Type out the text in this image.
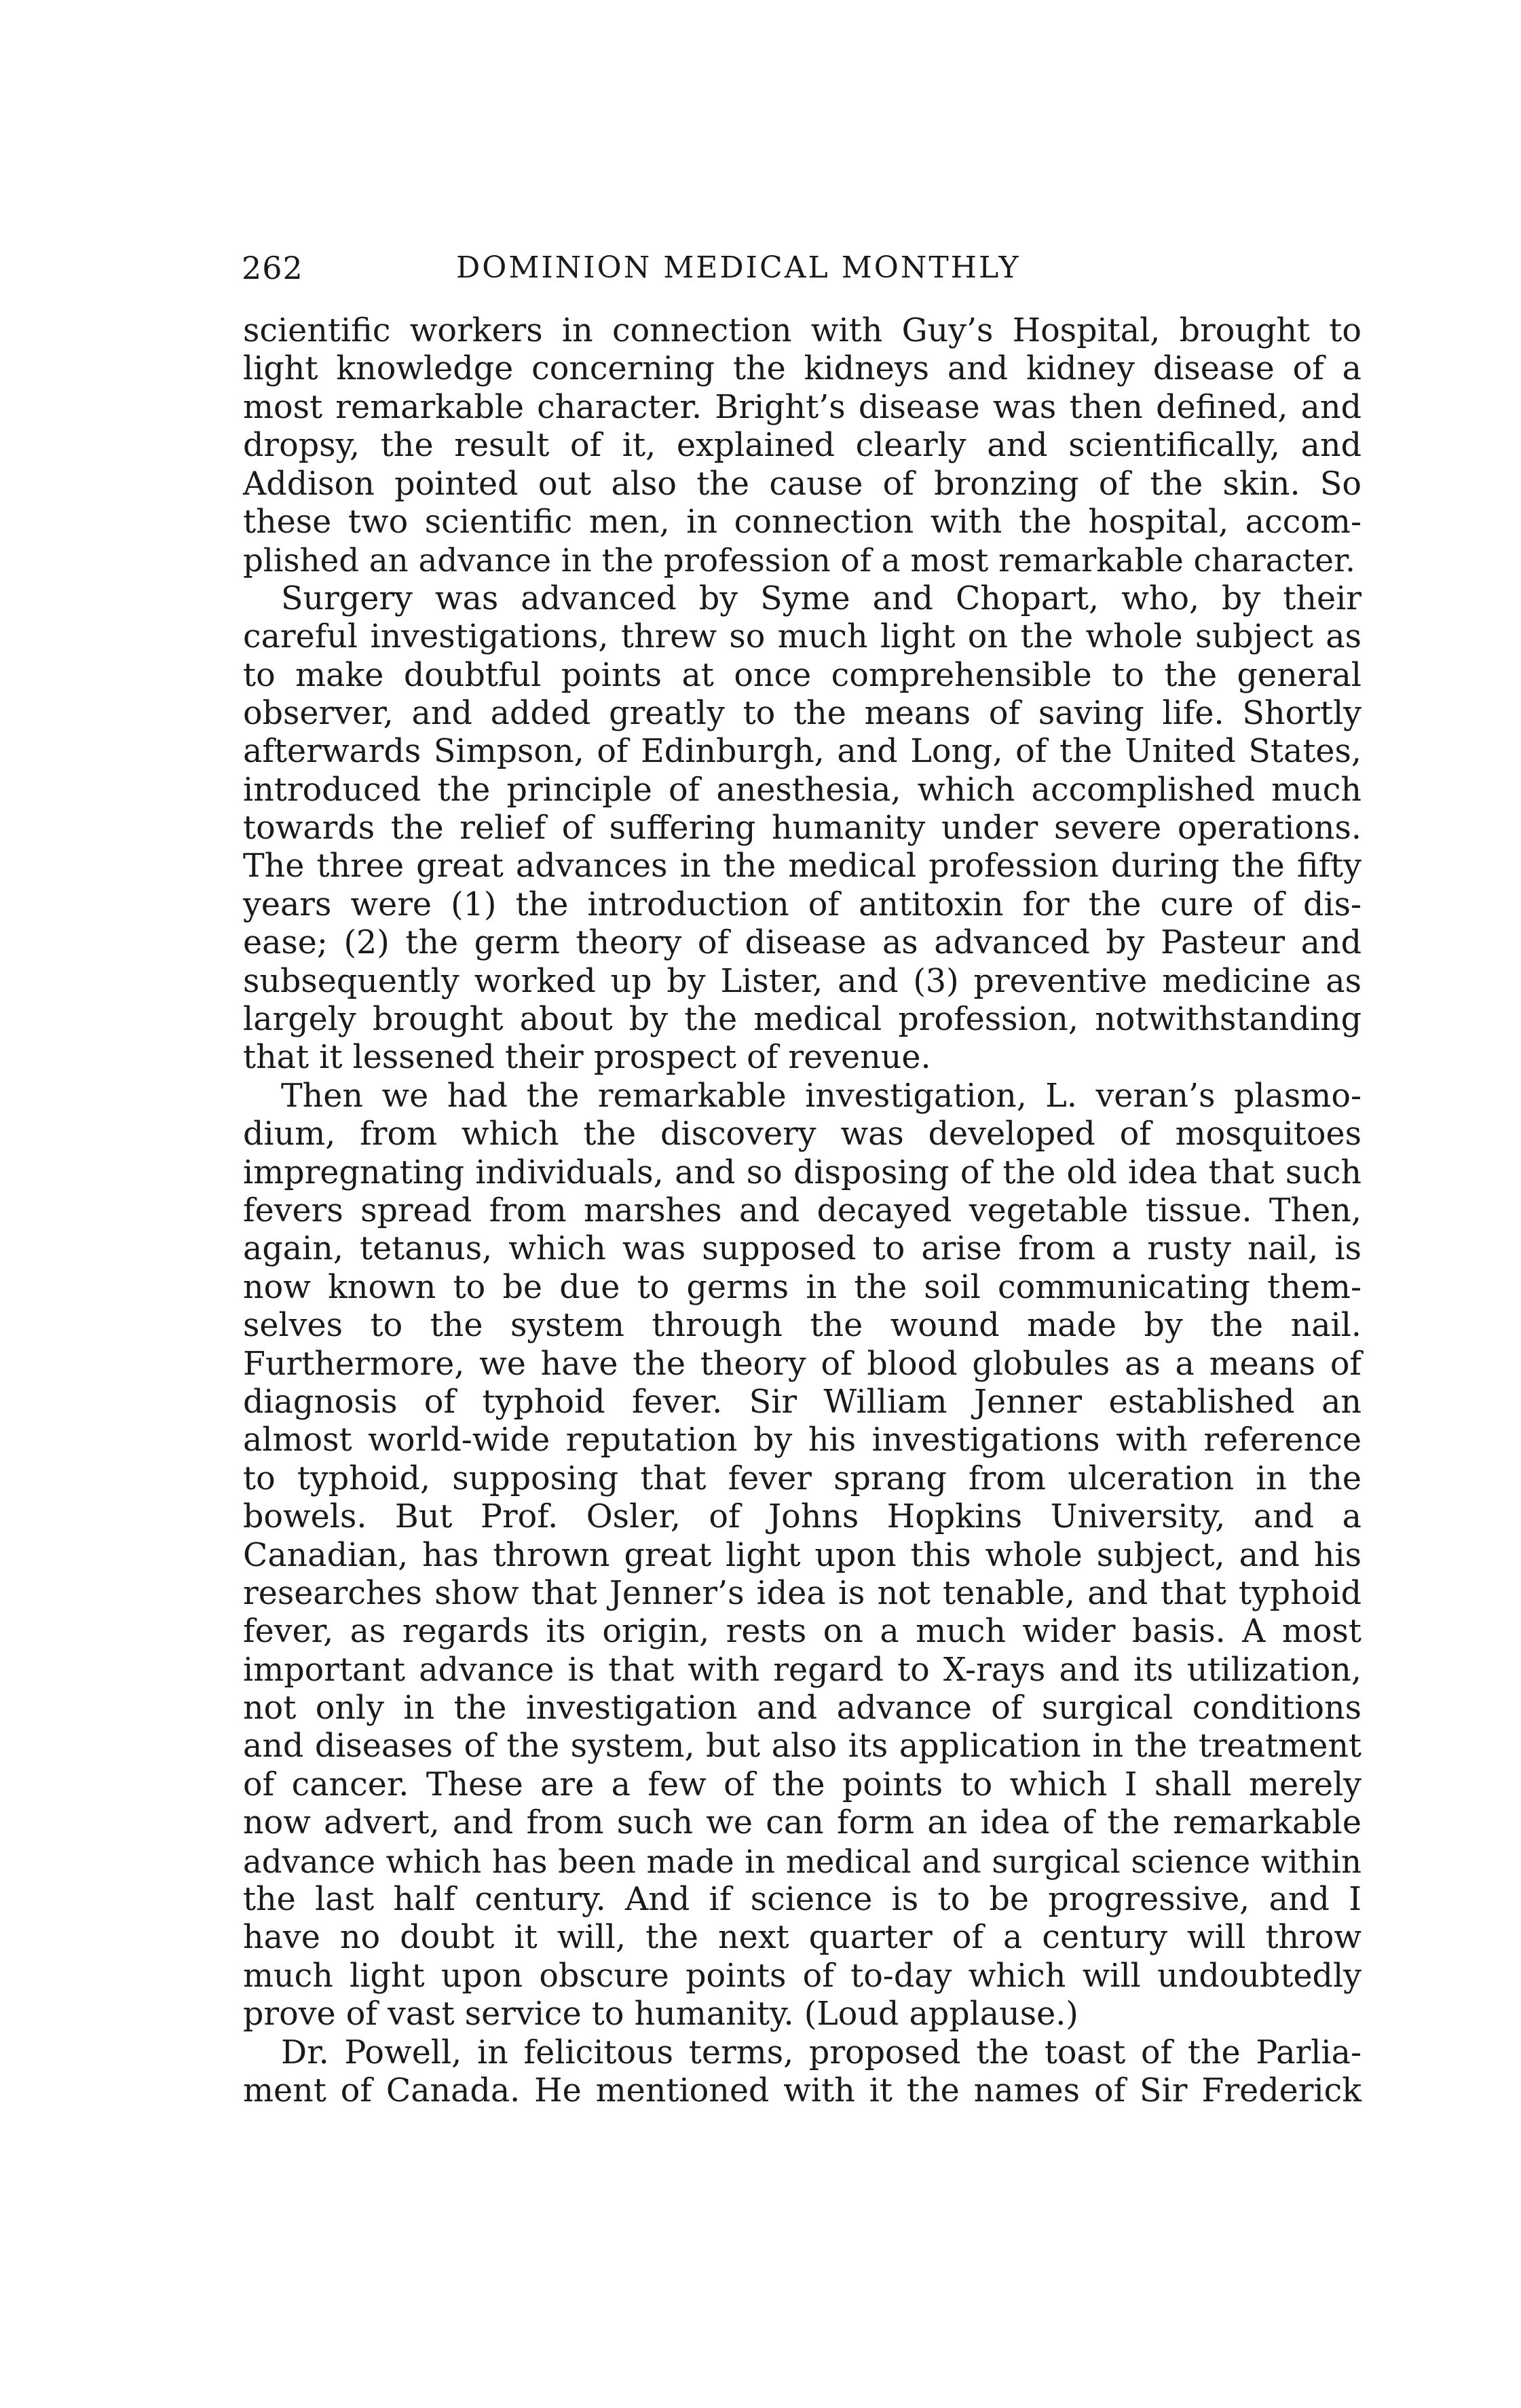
262	DOMINION MEDICAL MONTHLY
scientific workers in connection with Guy’s Hospital, brought to
light knowledge concerning the kidneys and kidney disease of a
most remarkable character. Bright’s disease was then defined, and
dropsy, the result of it, explained clearly and scientifically, and
Addison pointed out also the cause of bronzing of the skin. So
these two scientific men, in connection with the hospital, accom-
plished an advance in the profession of a most remarkable character.
Surgery was advanced by Syme and Chopart, who, by their
careful investigations, threw so much light on the whole subject as
to make doubtful points at once comprehensible to the general
observer, and added greatly to the means of saving life. Shortly
afterwards Simpson, of Edinburgh, and Long, of the United States,
introduced the principle of anesthesia, which accomplished much
towards the relief of suffering humanity under severe operations.
The three great advances in the medical profession during the fifty
years were (1) the introduction of antitoxin for the cure of dis-
ease; (2) the germ theory of disease as advanced by Pasteur and
subsequently worked up by Lister, and (3) preventive medicine as
largely brought about by the medical profession, notwithstanding
that it lessened their prospect of revenue.
Then we had the remarkable investigation, L. veran’s plasmo-
dium, from which the discovery was developed of mosquitoes
impregnating individuals, and so disposing of the old idea that such
fevers spread from marshes and decayed vegetable tissue. Then,
again, tetanus, which was supposed to arise from a rusty nail, is
now known to be due to germs in the soil communicating them-
selves to the system through the wound made by the nail.
Furthermore, we have the theory of blood globules as a means of
diagnosis of typhoid fever. Sir William Jenner established an
almost world-wide reputation by his investigations with reference
to typhoid, supposing that fever sprang from ulceration in the
bowels. But Prof. Osler, of Johns Hopkins University, and a
Canadian, has thrown great light upon this whole subject, and his
researches show that Jenner’s idea is not tenable, and that typhoid
fever, as regards its origin, rests on a much wider basis. A most
important advance is that with regard to X-rays and its utilization,
not only in the investigation and advance of surgical conditions
and diseases of the system, but also its application in the treatment
of cancer. These are a few of the points to which I shall merely
now advert, and from such we can form an idea of the remarkable
advance which has been made in medical and surgical science within
the last half century. And if science is to be progressive, and I
have no doubt it will, the next quarter of a century will throw
much light upon obscure points of to-day which will undoubtedly
prove of vast service to humanity. (Loud applause.)
Dr. Powell, in felicitous terms, proposed the toast of the Parlia-
ment of Canada. He mentioned with it the names of Sir Frederick
